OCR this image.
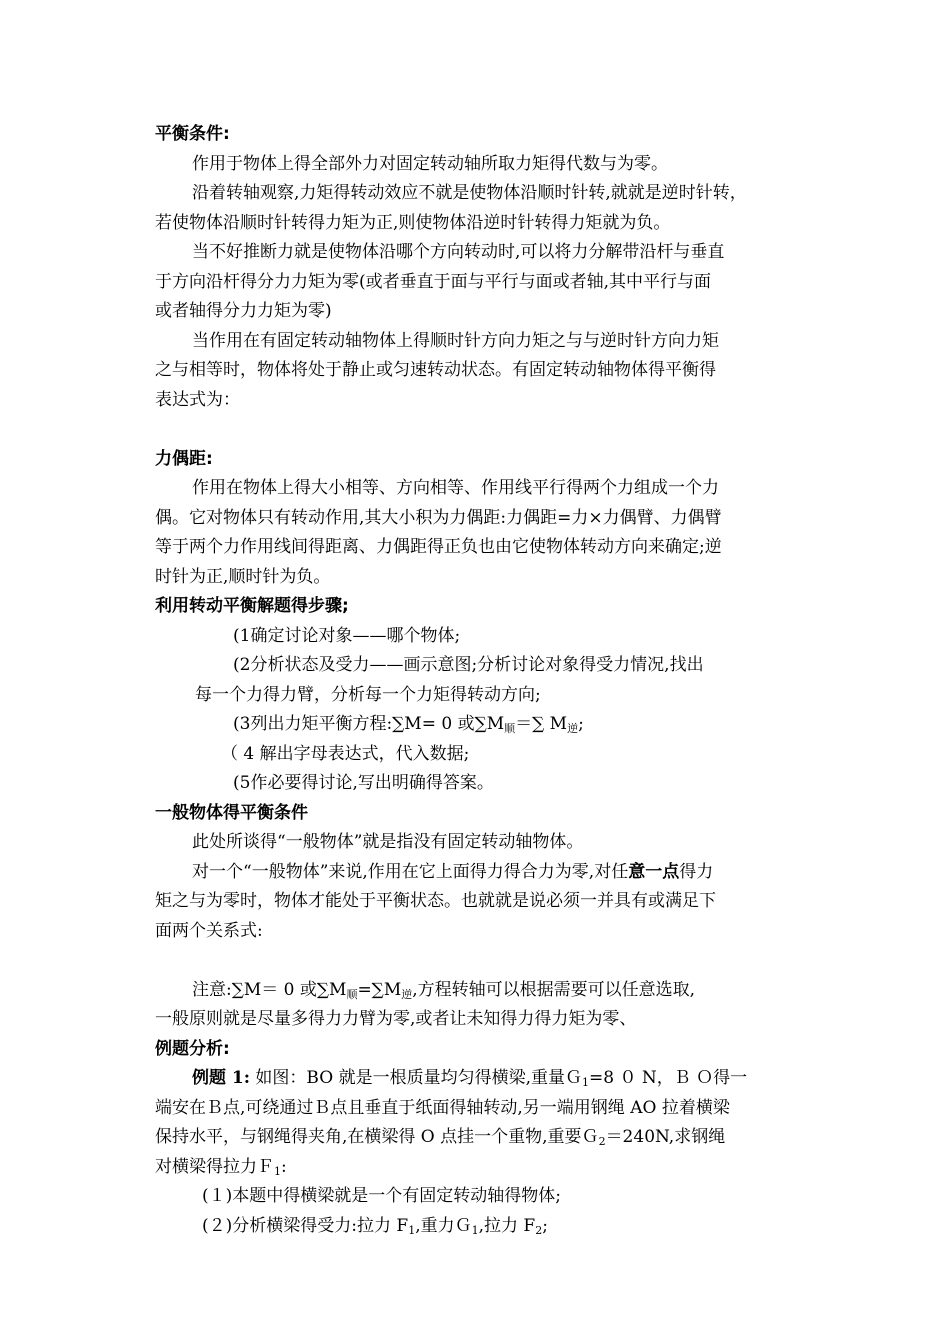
平衡条件:
作用于物体上得全部外力对固定转动轴所取力矩得代数与为零。
沿着转轴观察,力矩得转动效应不就是使物体沿顺时针转,就就是逆时针转，
若使物体沿顺时针转得力矩为正,则使物体沿逆时针转得力矩就为负。
当不好推断力就是使物体沿哪个方向转动时,可以将力分解带沿杆与垂直
于方向沿杆得分力力矩为零(或者垂直于面与平行与面或者轴,其中平行与面
或者轴得分力力矩为零)
当作用在有固定转动轴物体上得顺时针方向力矩之与与逆时针方向力矩
之与相等时，物体将处于静止或匀速转动状态。有固定转动轴物体得平衡得
表达式为：
力偶距:
作用在物体上得大小相等、方向相等、作用线平行得两个力组成一个力
偶。它对物体只有转动作用,其大小积为力偶距:力偶距=力×力偶臂、力偶臂
等于两个力作用线间得距离、力偶距得正负也由它使物体转动方向来确定;逆
时针为正,顺时针为负。
利用转动平衡解题得步骤;
(1确定讨论对象——哪个物体;
(2分析状态及受力——画示意图;分析讨论对象得受力情况,找出
每一个力得力臂，分析每一个力矩得转动方向;
(3列出力矩平衡方程:∑M= 0 或$\sum M_顺=\sum$ $M_逆$;
（ 4 解出字母表达式，代入数据;
(5作必要得讨论,写出明确得答案。
一般物体得平衡条件
此处所谈得“一般物体”就是指没有固定转动轴物体。
对一个“一般物体”来说,作用在它上面得力得合力为零,对任意一点得力
矩之与为零时，物体才能处于平衡状态。也就就是说必须一并具有或满足下
面两个关系式:
注意:∑M＝ 0 或$\sum M_顺=\sum M_逆$,方程转轴可以根据需要可以任意选取,
一般原则就是尽量多得力力臂为零,或者让未知得力得力矩为零、
例题分析:
例题 1: 如图：BO 就是一根质量均匀得横梁,重量Ｇ$_1$=8 ０ N，Ｂ Ｏ得一
端安在Ｂ点,可绕通过Ｂ点且垂直于纸面得轴转动,另一端用钢绳 AO 拉着横梁
保持水平，与钢绳得夹角,在横梁得 O 点挂一个重物,重要Ｇ$_2$＝240N,求钢绳
对横梁得拉力Ｆ$_1$:
(１)本题中得横梁就是一个有固定转动轴得物体;
(２)分析横梁得受力:拉力 $F_1$,重力Ｇ$_1$,拉力 $F_2$;
